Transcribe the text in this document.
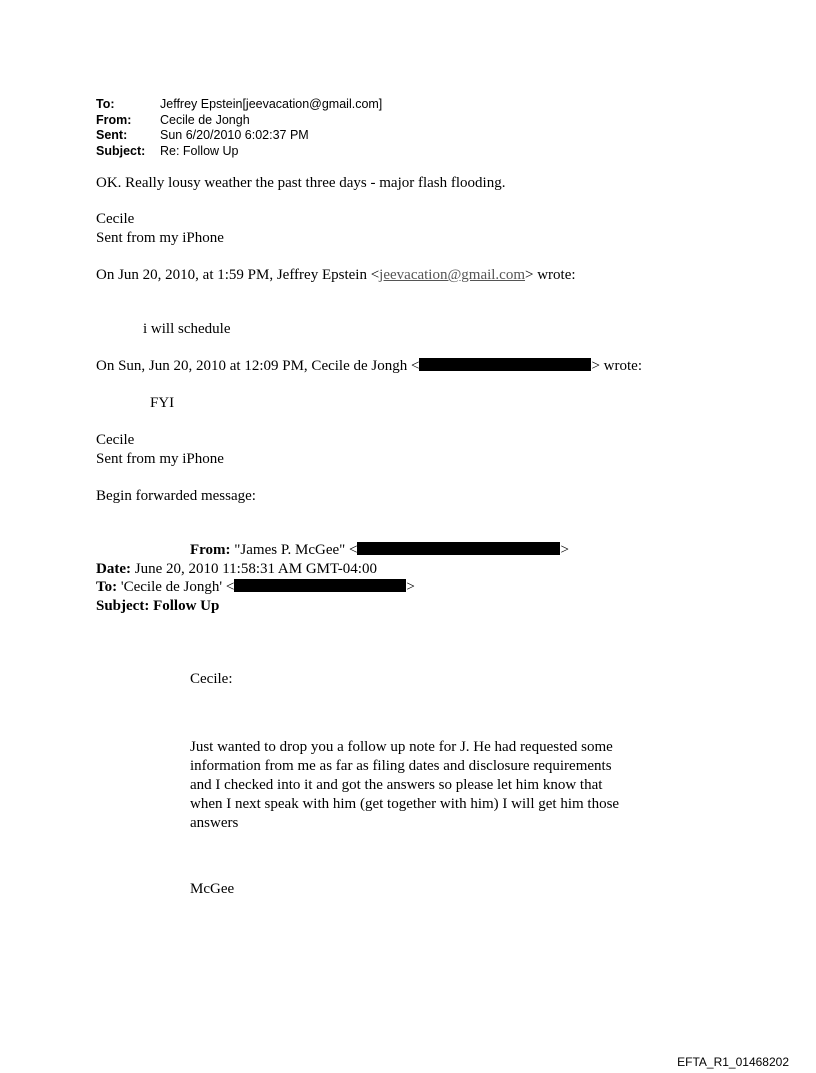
To:	Jeffrey Epstein[jeevacation@gmail.com]
From:	Cecile de Jongh
Sent:	Sun 6/20/2010 6:02:37 PM
Subject:	Re: Follow Up
OK. Really lousy weather the past three days - major flash flooding.
Cecile
Sent from my iPhone
On Jun 20, 2010, at 1:59 PM, Jeffrey Epstein <jeevacation@gmail.com> wrote:
i will schedule
On Sun, Jun 20, 2010 at 12:09 PM, Cecile de Jongh <	> wrote:
FYI
Cecile
Sent from my iPhone
Begin forwarded message:
From: "James P. McGee" <	>
Date: June 20, 2010 11:58:31 AM GMT-04:00
To: 'Cecile de Jongh' <	>
Subject: Follow Up
Cecile:

Just wanted to drop you a follow up note for J. He had requested some information from me as far as filing dates and disclosure requirements and I checked into it and got the answers so please let him know that when I next speak with him (get together with him) I will get him those answers

McGee
EFTA_R1_01468202
